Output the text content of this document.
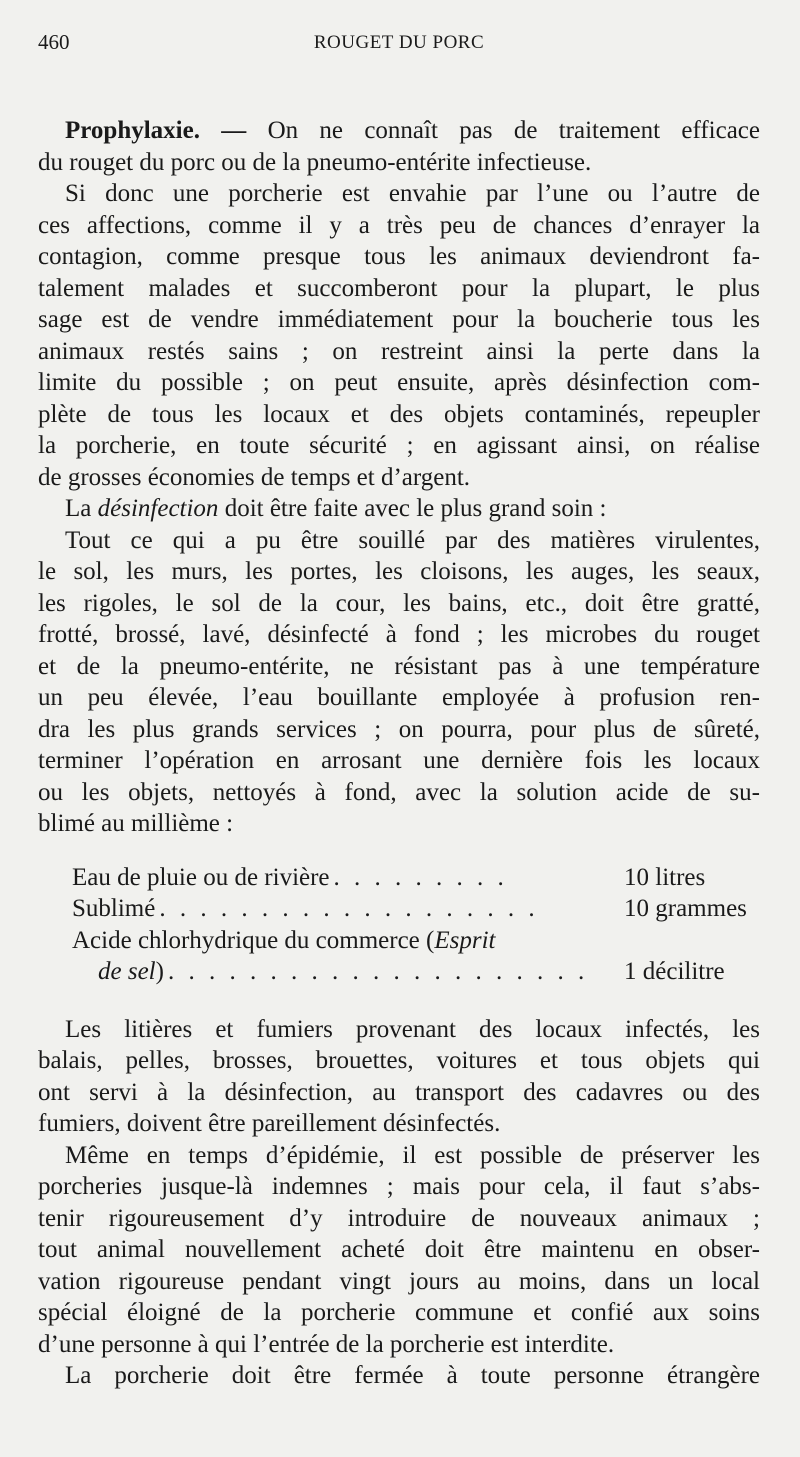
460	ROUGET DU PORC
Prophylaxie. — On ne connaît pas de traitement efficace
du rouget du porc ou de la pneumo-entérite infectieuse.
Si donc une porcherie est envahie par l’une ou l’autre de
ces affections, comme il y a très peu de chances d’enrayer la
contagion, comme presque tous les animaux deviendront fa-
talement malades et succomberont pour la plupart, le plus
sage est de vendre immédiatement pour la boucherie tous les
animaux restés sains ; on restreint ainsi la perte dans la
limite du possible ; on peut ensuite, après désinfection com-
plète de tous les locaux et des objets contaminés, repeupler
la porcherie, en toute sécurité ; en agissant ainsi, on réalise
de grosses économies de temps et d’argent.
La désinfection doit être faite avec le plus grand soin :
Tout ce qui a pu être souillé par des matières virulentes,
le sol, les murs, les portes, les cloisons, les auges, les seaux,
les rigoles, le sol de la cour, les bains, etc., doit être gratté,
frotté, brossé, lavé, désinfecté à fond ; les microbes du rouget
et de la pneumo-entérite, ne résistant pas à une température
un peu élevée, l’eau bouillante employée à profusion ren-
dra les plus grands services ; on pourra, pour plus de sûreté,
terminer l’opération en arrosant une dernière fois les locaux
ou les objets, nettoyés à fond, avec la solution acide de su-
blimé au millième :
Eau de pluie ou de rivière . . . . . . . . .	10 litres
Sublimé . . . . . . . . . . . . . . . . . . .	10 grammes
Acide chlorhydrique du commerce (Esprit
de sel) . . . . . . . . . . . . . . . . . . . . .	1 décilitre
Les litières et fumiers provenant des locaux infectés, les
balais, pelles, brosses, brouettes, voitures et tous objets qui
ont servi à la désinfection, au transport des cadavres ou des
fumiers, doivent être pareillement désinfectés.
Même en temps d’épidémie, il est possible de préserver les
porcheries jusque-là indemnes ; mais pour cela, il faut s’abs-
tenir rigoureusement d’y introduire de nouveaux animaux ;
tout animal nouvellement acheté doit être maintenu en obser-
vation rigoureuse pendant vingt jours au moins, dans un local
spécial éloigné de la porcherie commune et confié aux soins
d’une personne à qui l’entrée de la porcherie est interdite.
La porcherie doit être fermée à toute personne étrangère
